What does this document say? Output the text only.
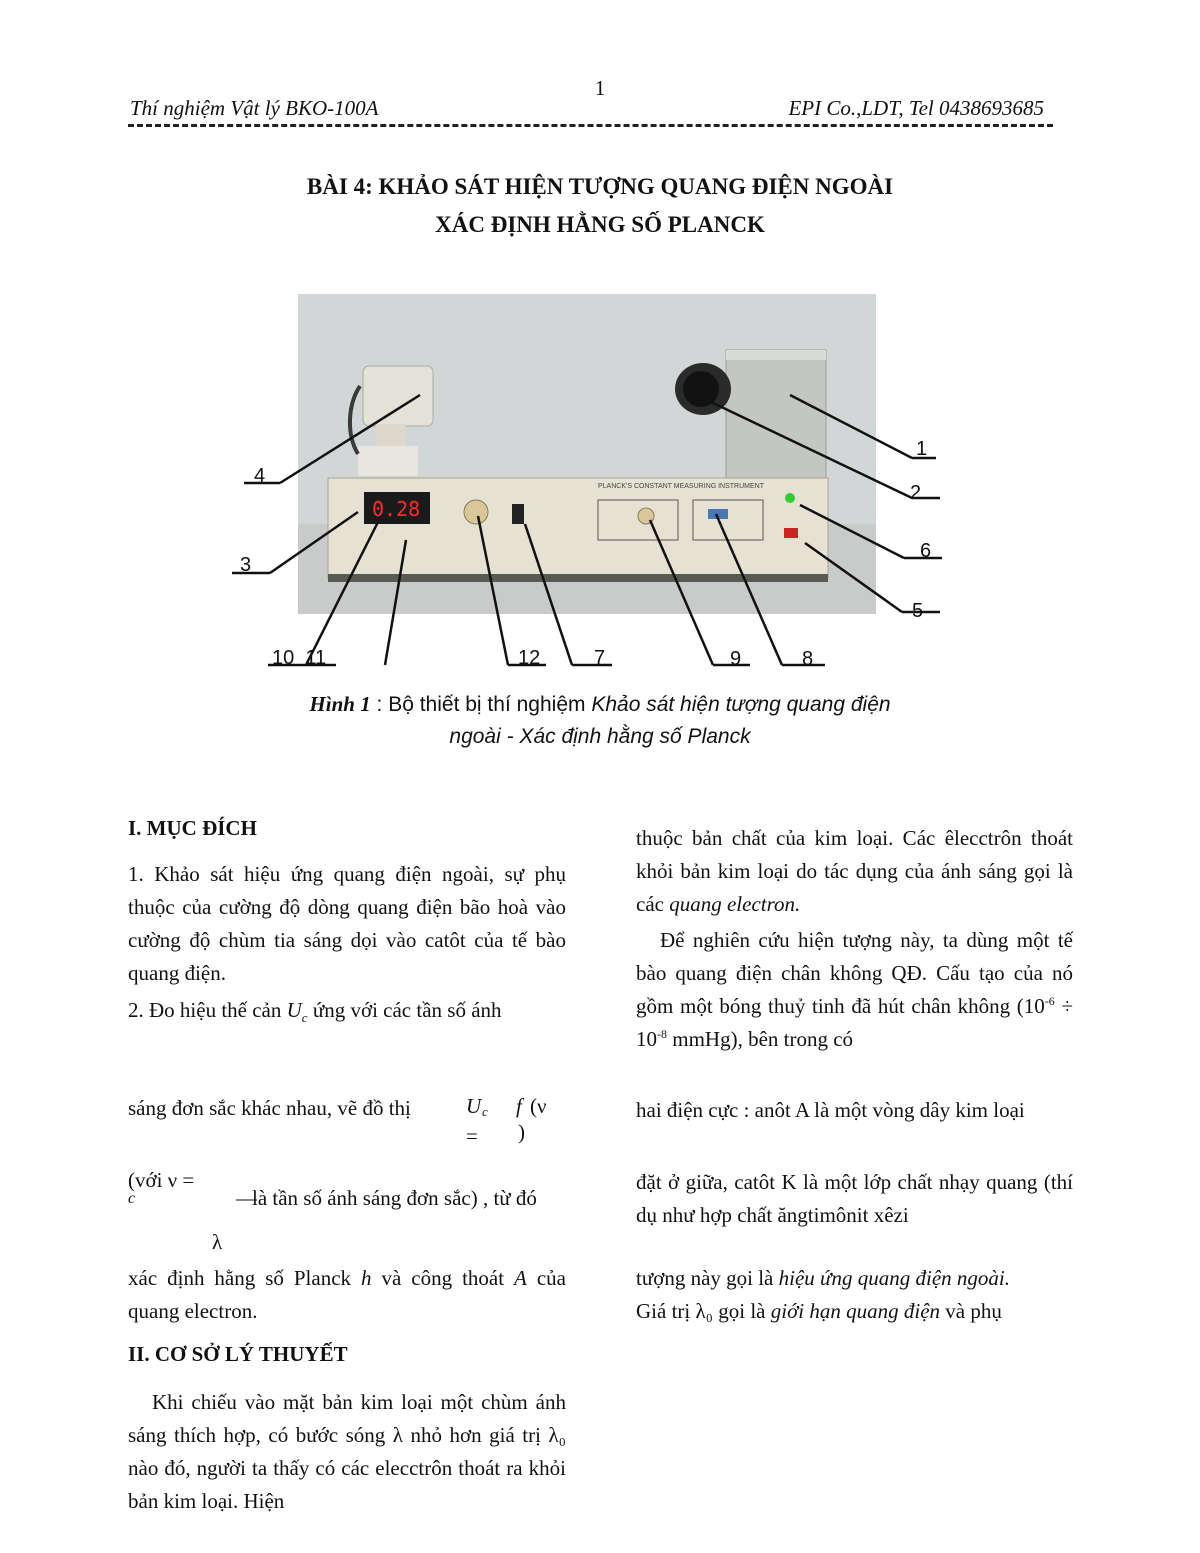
1
Thí nghiệm Vật lý BKO-100A	EPI Co.,LDT, Tel 0438693685
BÀI 4: KHẢO SÁT HIỆN TƯỢNG QUANG ĐIỆN NGOÀI
XÁC ĐỊNH HẰNG SỐ PLANCK
0.28
PLANCK'S CONSTANT MEASURING INSTRUMENT
1
2
3
4
5
6
10  11	12	7	9	8
Hình 1 : Bộ thiết bị thí nghiệm Khảo sát hiện tượng quang điện
ngoài - Xác định hằng số Planck
I. MỤC ĐÍCH
1. Khảo sát hiệu ứng quang điện ngoài, sự phụ thuộc của cường độ dòng quang điện bão hoà vào cường độ chùm tia sáng dọi vào catôt của tế bào quang điện.
2. Đo hiệu thế cản $U_c$ ứng với các tần số ánh
sáng đơn sắc khác nhau, vẽ đồ thị	U c
=
f (ν
)
(với ν =
c	—
λ
là tần số ánh sáng đơn sắc) , từ đó
xác định hằng số Planck h và công thoát A của quang electron.
II. CƠ SỞ LÝ THUYẾT
Khi chiếu vào mặt bản kim loại một chùm ánh sáng thích hợp, có bước sóng λ nhỏ hơn giá trị λ₀ nào đó, người ta thấy có các elecctrôn thoát ra khỏi bản kim loại. Hiện
thuộc bản chất của kim loại. Các êlecctrôn thoát khỏi bản kim loại do tác dụng của ánh sáng gọi là các quang electron.
Để nghiên cứu hiện tượng này, ta dùng một tế bào quang điện chân không QĐ. Cấu tạo của nó gồm một bóng thuỷ tinh đã hút chân không ($10^{-6} \div 10^{-8}$ mmHg), bên trong có
hai điện cực : anôt A là một vòng dây kim loại
đặt ở giữa, catôt K là một lớp chất nhạy quang (thí dụ như hợp chất ăngtimônit xêzi
tượng này gọi là hiệu ứng quang điện ngoài.
Giá trị λ₀ gọi là giới hạn quang điện và phụ
